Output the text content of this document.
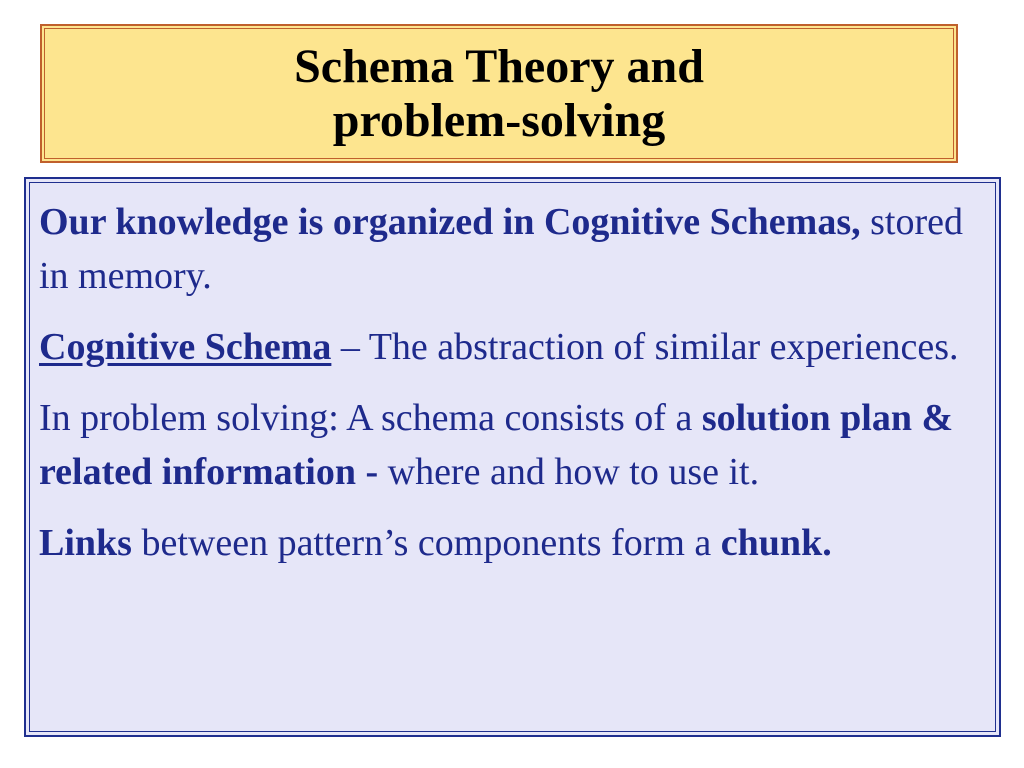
Schema Theory and
problem-solving

Our knowledge is organized in Cognitive Schemas, stored in memory.

Cognitive Schema – The abstraction of similar experiences.

In problem solving: A schema consists of a solution plan & related information - where and how to use it.

Links between pattern’s components form a chunk.
